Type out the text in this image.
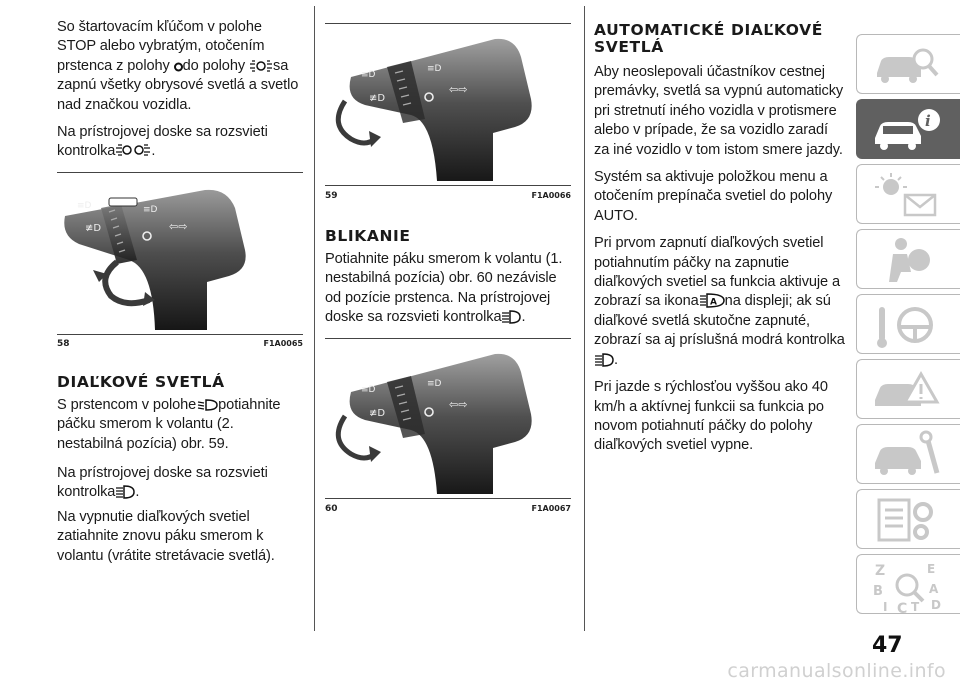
So štartovacím kľúčom v polohe STOP alebo vybratým, otočením prstenca z polohy do polohy sa zapnú všetky obrysové svetlá a svetlo nad značkou vozidla.

Na prístrojovej doske sa rozsvieti kontrolka .

≡D
≢D
≡D
⇦⇨
58	F1A0065
DIAĽKOVÉ SVETLÁ

S prstencom v polohe potiahnite páčku smerom k volantu (2. nestabilná pozícia) obr. 59.

Na prístrojovej doske sa rozsvieti kontrolka .

Na vypnutie diaľkových svetiel zatiahnite znovu páku smerom k volantu (vrátite stretávacie svetlá).

≡D
≢D
≡D
⇦⇨
59	F1A0066
BLIKANIE

Potiahnite páku smerom k volantu (1. nestabilná pozícia) obr. 60 nezávisle od pozície prstenca. Na prístrojovej doske sa rozsvieti kontrolka .

≡D
≢D
≡D
⇦⇨
60	F1A0067
AUTOMATICKÉ DIAĽKOVÉ
SVETLÁ

Aby neoslepovali účastníkov cestnej premávky, svetlá sa vypnú automaticky pri stretnutí iného vozidla v protismere alebo v prípade, že sa vozidlo zaradí za iné vozidlo v tom istom smere jazdy.

Systém sa aktivuje položkou menu a otočením prepínača svetiel do polohy AUTO.

Pri prvom zapnutí diaľkových svetiel potiahnutím páčky na zapnutie diaľkových svetiel sa funkcia aktivuje a zobrazí sa ikona A na displeji; ak sú diaľkové svetlá skutočne zapnuté, zobrazí sa aj príslušná modrá kontrolka.

Pri jazde s rýchlosťou vyššou ako 40 km/h a aktívnej funkcii sa funkcia po novom potiahnutí páčky do polohy diaľkových svetiel vypne.

i
Z	E
B	A
I C T D
47
carmanualsonline.info
